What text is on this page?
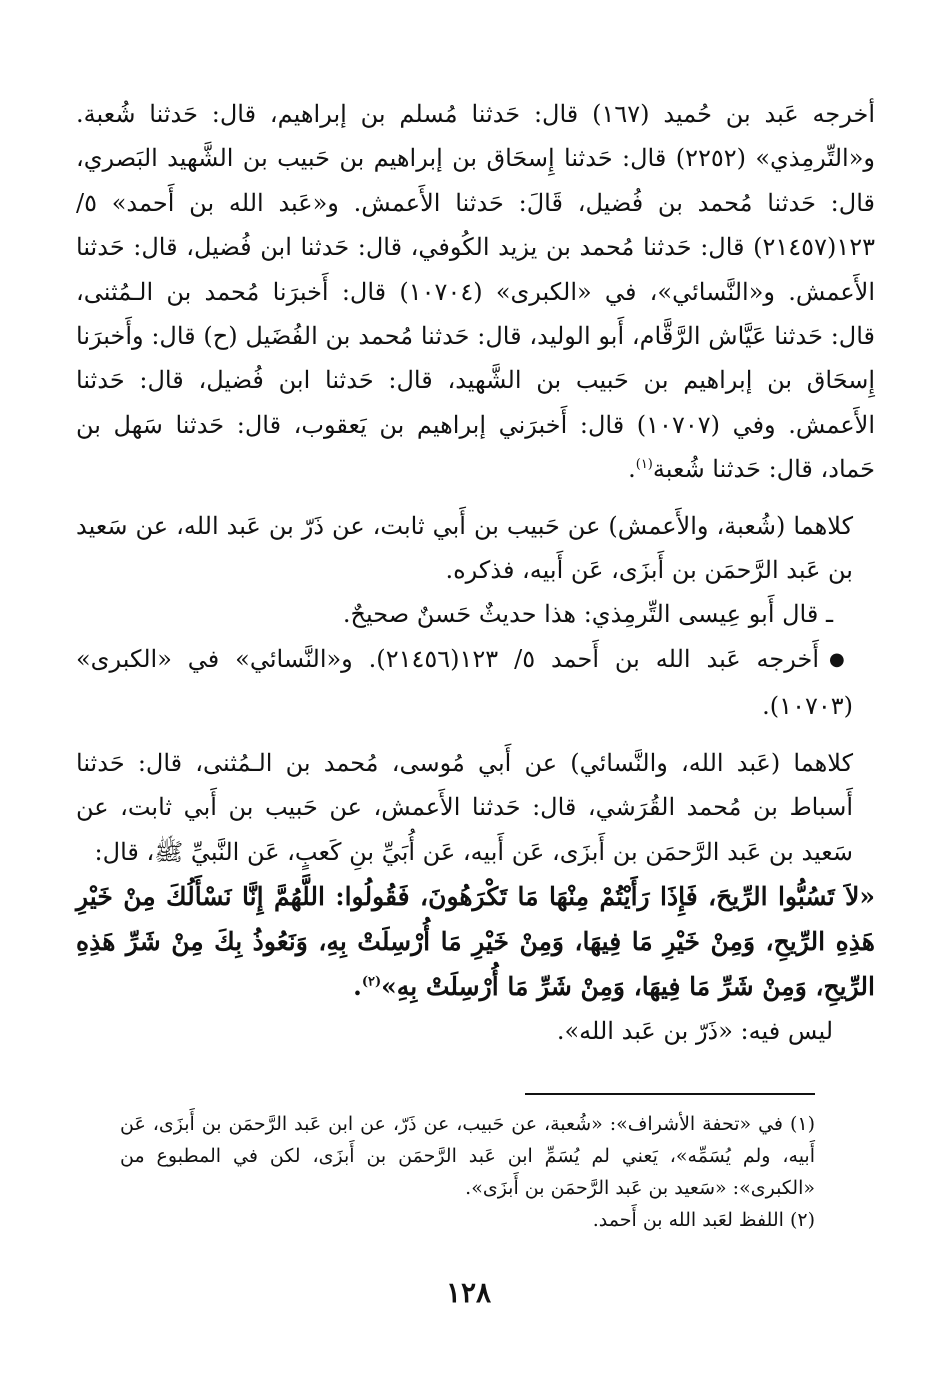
أخرجه عَبد بن حُميد (١٦٧) قال: حَدثنا مُسلم بن إبراهيم، قال: حَدثنا شُعبة. و«التِّرمِذي» (٢٢٥٢) قال: حَدثنا إِسحَاق بن إبراهيم بن حَبيب بن الشَّهيد البَصري، قال: حَدثنا مُحمد بن فُضيل، قَالَ: حَدثنا الأَعمش. و«عَبد الله بن أَحمد» ٥/ ١٢٣(٢١٤٥٧) قال: حَدثنا مُحمد بن يزيد الكُوفي، قال: حَدثنا ابن فُضيل، قال: حَدثنا الأَعمش. و«النَّسائي»، في «الكبرى» (١٠٧٠٤) قال: أَخبرَنا مُحمد بن الـمُثنى، قال: حَدثنا عَيَّاش الرَّقَّام، أَبو الوليد، قال: حَدثنا مُحمد بن الفُضَيل (ح) قال: وأَخبرَنا إِسحَاق بن إبراهيم بن حَبيب بن الشَّهيد، قال: حَدثنا ابن فُضيل، قال: حَدثنا الأَعمش. وفي (١٠٧٠٧) قال: أَخبرَني إبراهيم بن يَعقوب، قال: حَدثنا سَهل بن حَماد، قال: حَدثنا شُعبة$^{(١)}$.

كلاهما (شُعبة، والأَعمش) عن حَبيب بن أَبي ثابت، عن ذَرّ بن عَبد الله، عن سَعيد بن عَبد الرَّحمَن بن أَبزَى، عَن أَبيه، فذكره.

ـ قال أَبو عِيسى التِّرمِذي: هذا حديثٌ حَسنٌ صحيحٌ.

● أَخرجه عَبد الله بن أَحمد ٥/ ١٢٣(٢١٤٥٦). و«النَّسائي» في «الكبرى» (١٠٧٠٣).

كلاهما (عَبد الله، والنَّسائي) عن أَبي مُوسى، مُحمد بن الـمُثنى، قال: حَدثنا أَسباط بن مُحمد القُرَشي، قال: حَدثنا الأَعمش، عن حَبيب بن أَبي ثابت، عن سَعيد بن عَبد الرَّحمَن بن أَبزَى، عَن أَبيه، عَن أُبَيِّ بنِ كَعبٍ، عَن النَّبيِّ ﷺ، قال:

«لاَ تَسُبُّوا الرِّيحَ، فَإِذَا رَأَيْتُمْ مِنْهَا مَا تَكْرَهُونَ، فَقُولُوا: اللَّهُمَّ إِنَّا نَسْأَلُكَ مِنْ خَيْرِ هَذِهِ الرِّيحِ، وَمِنْ خَيْرِ مَا فِيهَا، وَمِنْ خَيْرِ مَا أُرْسِلَتْ بِهِ، وَنَعُوذُ بِكَ مِنْ شَرِّ هَذِهِ الرِّيحِ، وَمِنْ شَرِّ مَا فِيهَا، وَمِنْ شَرِّ مَا أُرْسِلَتْ بِهِ»$^{(٢)}$.

ليس فيه: «ذَرّ بن عَبد الله».

(١) في «تحفة الأشراف»: «شُعبة، عن حَبيب، عن ذَرّ، عن ابن عَبد الرَّحمَن بن أَبزَى، عَن أَبيه، ولم يُسَمِّه»، يَعني لم يُسَمِّ ابن عَبد الرَّحمَن بن أَبزَى، لكن في المطبوع من «الكبرى»: «سَعيد بن عَبد الرَّحمَن بن أَبزَى».

(٢) اللفظ لعَبد الله بن أَحمد.

١٢٨
